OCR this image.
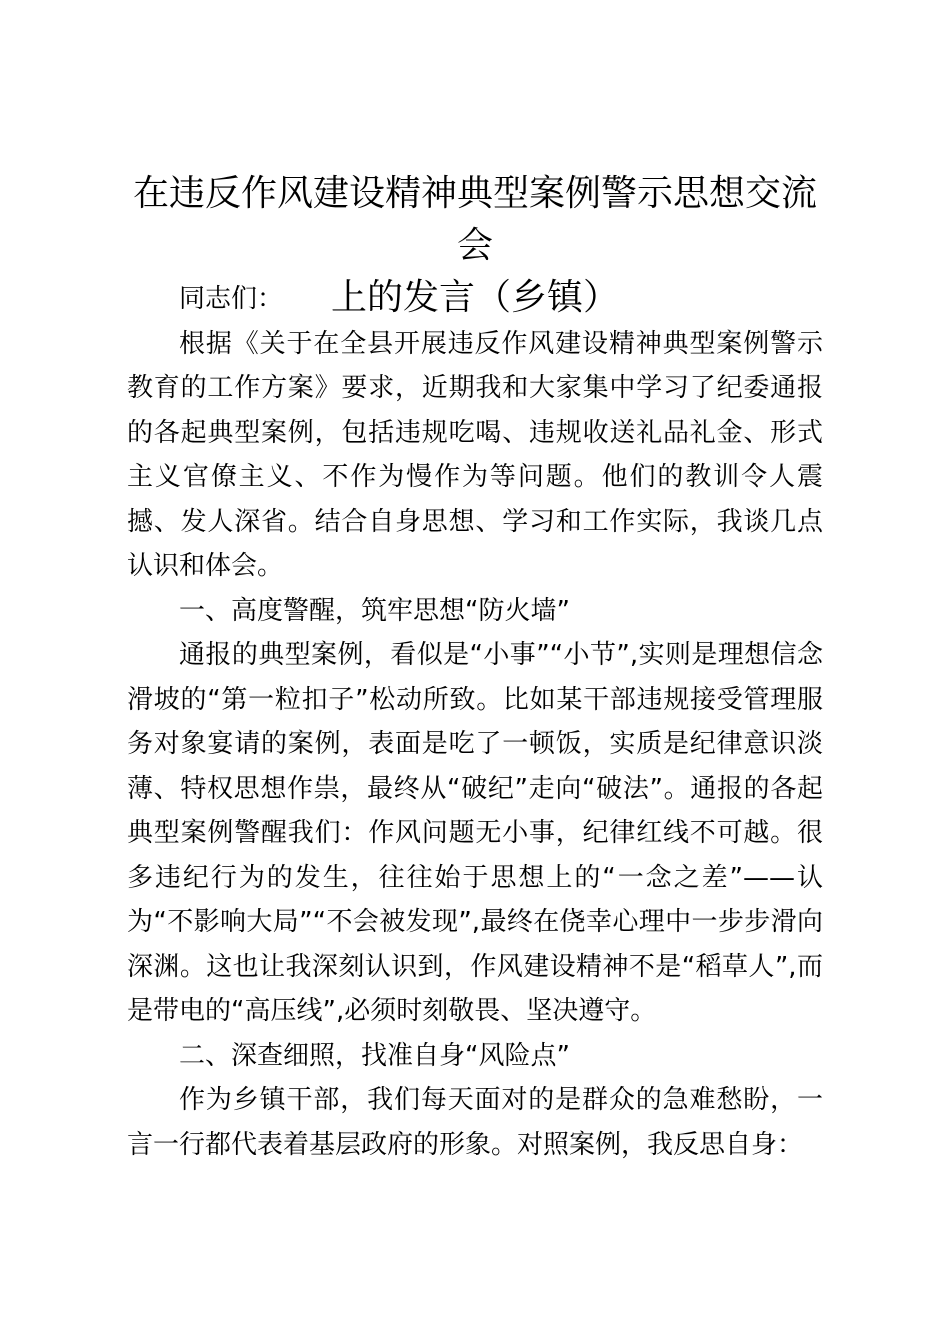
在违反作风建设精神典型案例警示思想交流会
上的发言（乡镇）

同志们：

根据《关于在全县开展违反作风建设精神典型案例警示教育的工作方案》要求，近期我和大家集中学习了纪委通报的各起典型案例，包括违规吃喝、违规收送礼品礼金、形式主义官僚主义、不作为慢作为等问题。他们的教训令人震撼、发人深省。结合自身思想、学习和工作实际，我谈几点认识和体会。

一、高度警醒，筑牢思想“防火墙”

通报的典型案例，看似是“小事”“小节”,实则是理想信念滑坡的“第一粒扣子”松动所致。比如某干部违规接受管理服务对象宴请的案例，表面是吃了一顿饭，实质是纪律意识淡薄、特权思想作祟，最终从“破纪”走向“破法”。通报的各起典型案例警醒我们：作风问题无小事，纪律红线不可越。很多违纪行为的发生，往往始于思想上的“一念之差”——认为“不影响大局”“不会被发现”,最终在侥幸心理中一步步滑向深渊。这也让我深刻认识到，作风建设精神不是“稻草人”,而是带电的“高压线”,必须时刻敬畏、坚决遵守。

二、深查细照，找准自身“风险点”

作为乡镇干部，我们每天面对的是群众的急难愁盼，一言一行都代表着基层政府的形象。对照案例，我反思自身：
